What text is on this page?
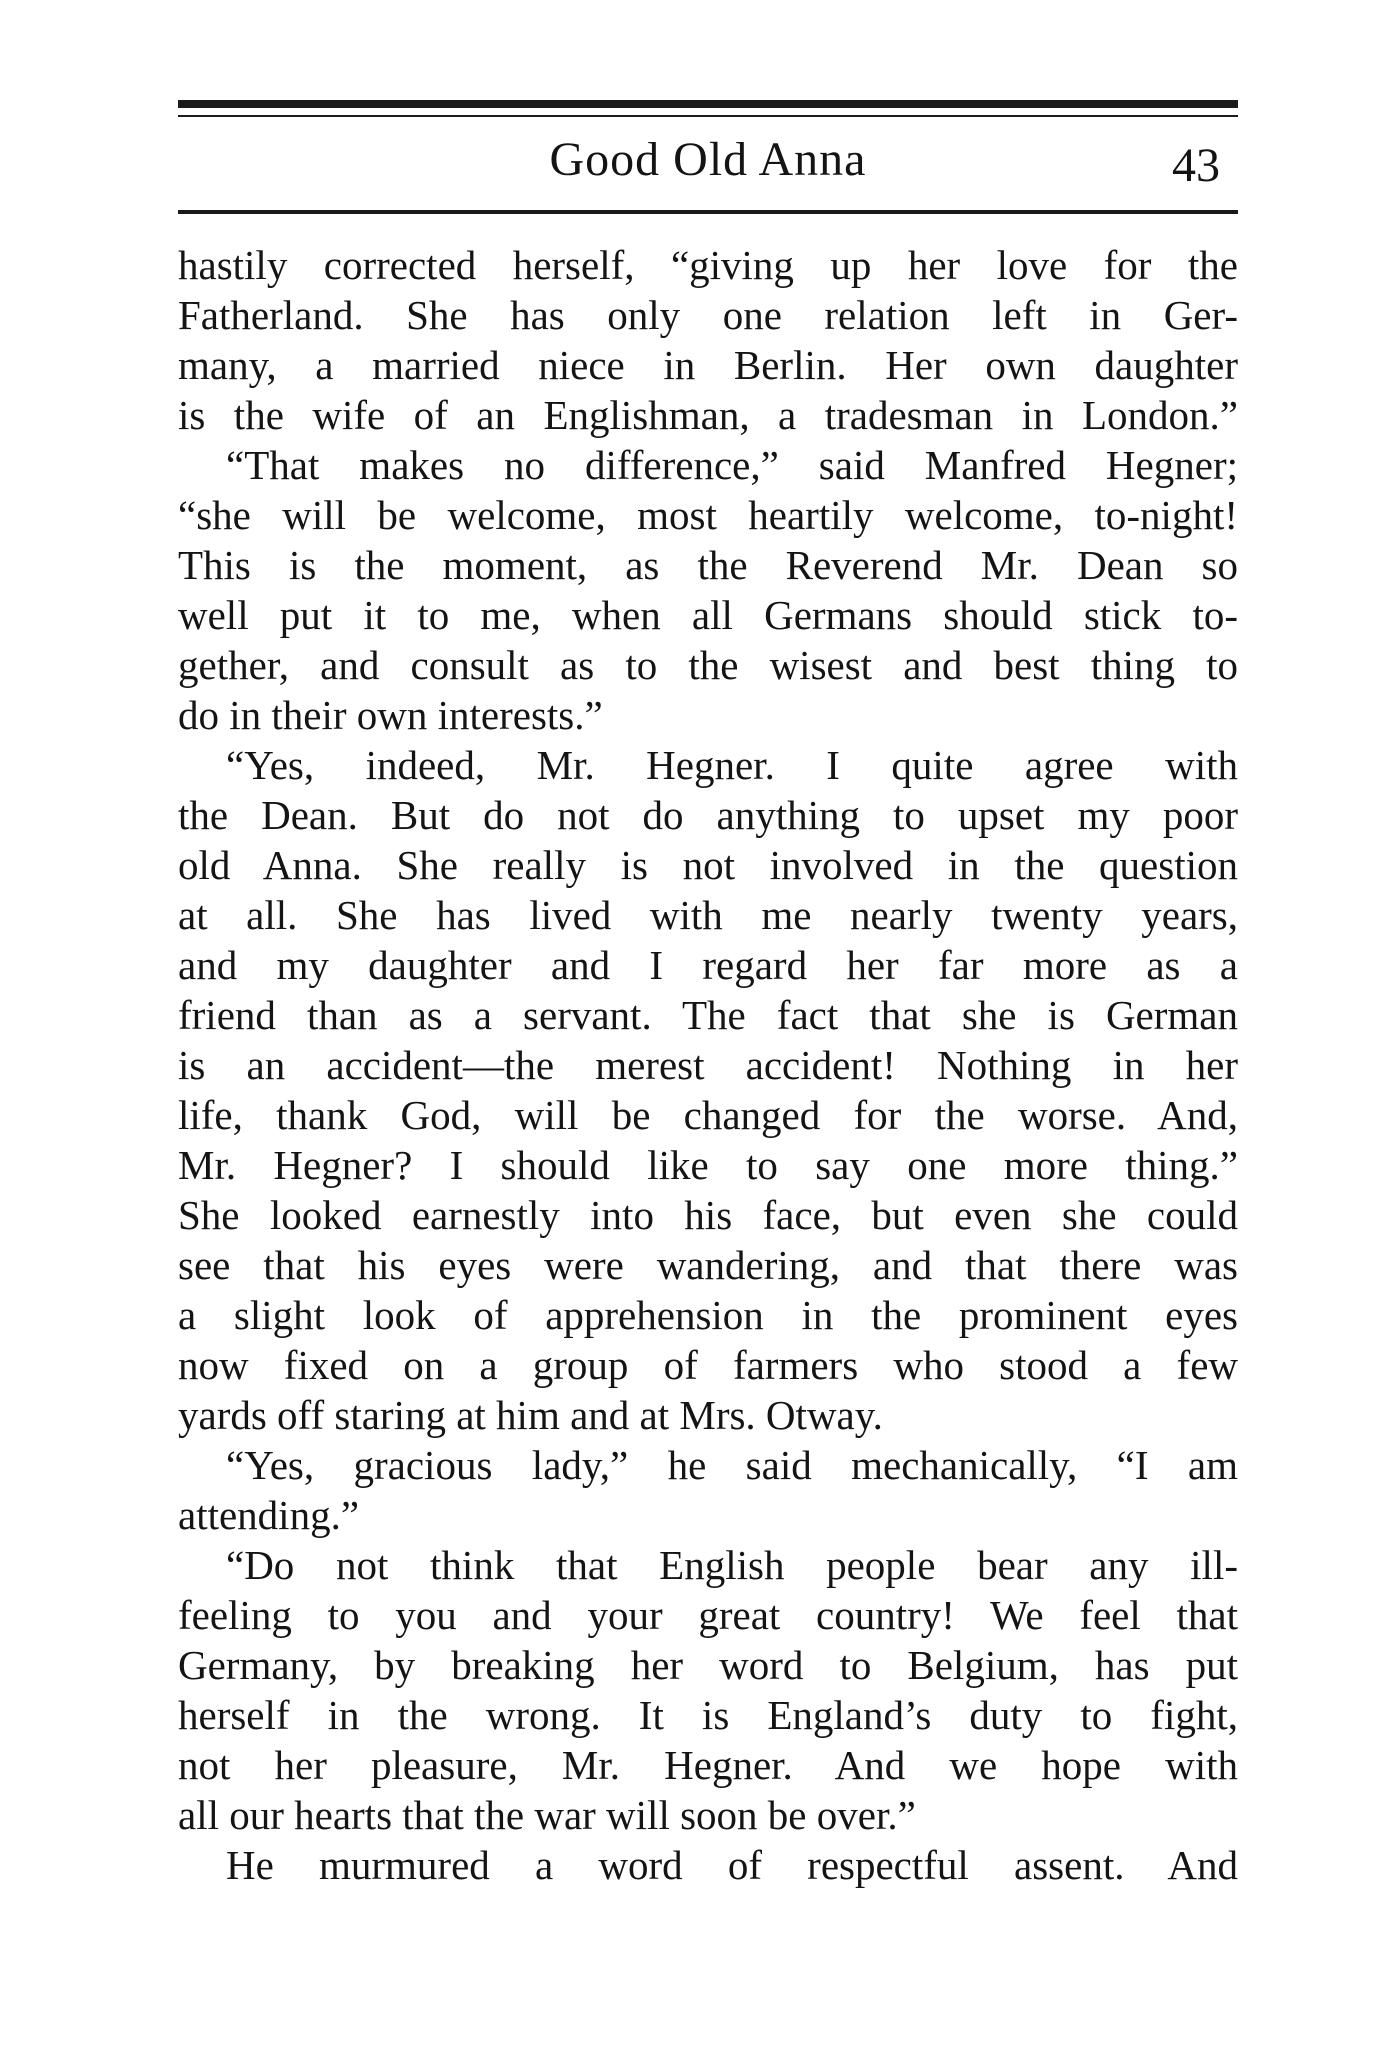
Good Old Anna	43
hastily corrected herself, “giving up her love for the
Fatherland. She has only one relation left in Ger-
many, a married niece in Berlin. Her own daughter
is the wife of an Englishman, a tradesman in London.”
“That makes no difference,” said Manfred Hegner;
“she will be welcome, most heartily welcome, to-night!
This is the moment, as the Reverend Mr. Dean so
well put it to me, when all Germans should stick to-
gether, and consult as to the wisest and best thing to
do in their own interests.”
“Yes, indeed, Mr. Hegner. I quite agree with
the Dean. But do not do anything to upset my poor
old Anna. She really is not involved in the question
at all. She has lived with me nearly twenty years,
and my daughter and I regard her far more as a
friend than as a servant. The fact that she is German
is an accident—the merest accident! Nothing in her
life, thank God, will be changed for the worse. And,
Mr. Hegner? I should like to say one more thing.”
She looked earnestly into his face, but even she could
see that his eyes were wandering, and that there was
a slight look of apprehension in the prominent eyes
now fixed on a group of farmers who stood a few
yards off staring at him and at Mrs. Otway.
“Yes, gracious lady,” he said mechanically, “I am
attending.”
“Do not think that English people bear any ill-
feeling to you and your great country! We feel that
Germany, by breaking her word to Belgium, has put
herself in the wrong. It is England’s duty to fight,
not her pleasure, Mr. Hegner. And we hope with
all our hearts that the war will soon be over.”
He murmured a word of respectful assent. And
